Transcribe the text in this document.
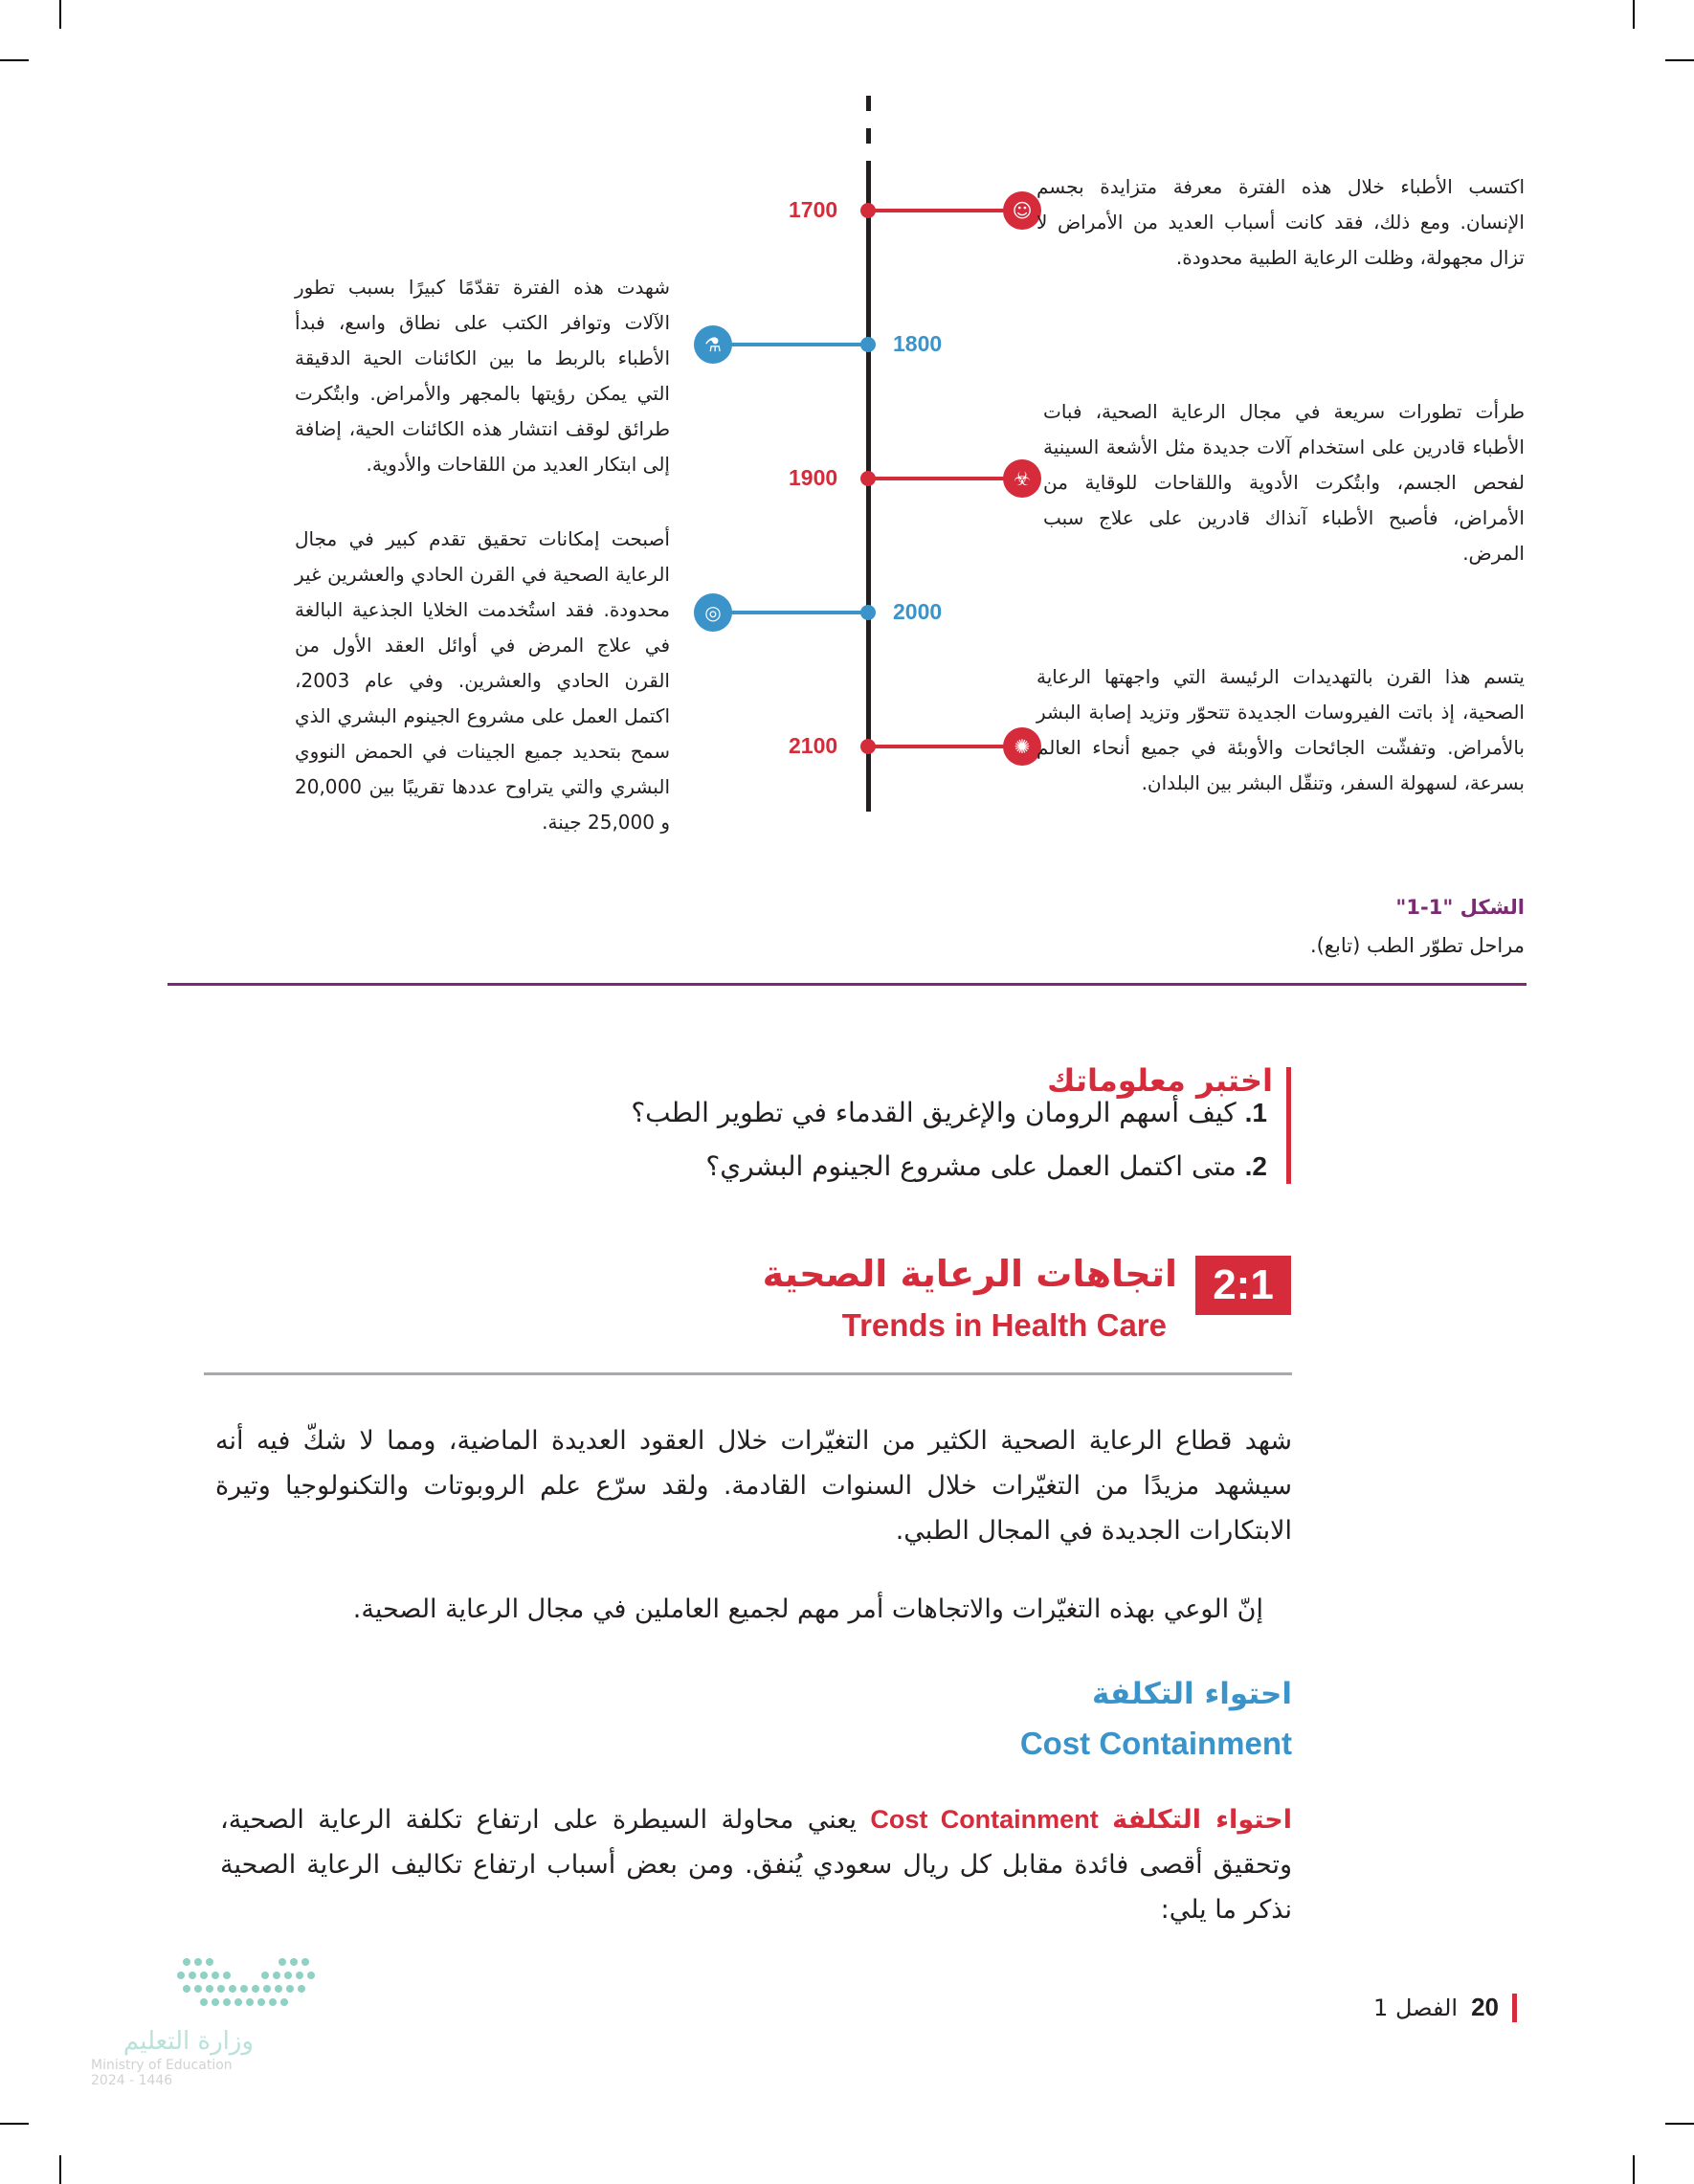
☺
1700
اكتسب الأطباء خلال هذه الفترة معرفة متزايدة بجسم الإنسان. ومع ذلك، فقد كانت أسباب العديد من الأمراض لا تزال مجهولة، وظلت الرعاية الطبية محدودة.
⚗	1800
شهدت هذه الفترة تقدّمًا كبيرًا بسبب تطور الآلات وتوافر الكتب على نطاق واسع، فبدأ الأطباء بالربط ما بين الكائنات الحية الدقيقة التي يمكن رؤيتها بالمجهر والأمراض. وابتُكرت طرائق لوقف انتشار هذه الكائنات الحية، إضافة إلى ابتكار العديد من اللقاحات والأدوية.
☣
1900
طرأت تطورات سريعة في مجال الرعاية الصحية، فبات الأطباء قادرين على استخدام آلات جديدة مثل الأشعة السينية لفحص الجسم، وابتُكرت الأدوية واللقاحات للوقاية من الأمراض، فأصبح الأطباء آنذاك قادرين على علاج سبب المرض.
◎	2000
أصبحت إمكانات تحقيق تقدم كبير في مجال الرعاية الصحية في القرن الحادي والعشرين غير محدودة. فقد استُخدمت الخلايا الجذعية البالغة في علاج المرض في أوائل العقد الأول من القرن الحادي والعشرين. وفي عام 2003، اكتمل العمل على مشروع الجينوم البشري الذي سمح بتحديد جميع الجينات في الحمض النووي البشري والتي يتراوح عددها تقريبًا بين 20,000 و 25,000 جينة.
✺
2100
يتسم هذا القرن بالتهديدات الرئيسة التي واجهتها الرعاية الصحية، إذ باتت الفيروسات الجديدة تتحوّر وتزيد إصابة البشر بالأمراض. وتفشّت الجائحات والأوبئة في جميع أنحاء العالم بسرعة، لسهولة السفر، وتنقّل البشر بين البلدان.
الشكل "1-1"
مراحل تطوّر الطب (تابع).
اختبر معلوماتك
1. كيف أسهم الرومان والإغريق القدماء في تطوير الطب؟
2. متى اكتمل العمل على مشروع الجينوم البشري؟
2:1
اتجاهات الرعاية الصحية
Trends in Health Care
شهد قطاع الرعاية الصحية الكثير من التغيّرات خلال العقود العديدة الماضية، ومما لا شكّ فيه أنه سيشهد مزيدًا من التغيّرات خلال السنوات القادمة. ولقد سرّع علم الروبوتات والتكنولوجيا وتيرة الابتكارات الجديدة في المجال الطبي.
إنّ الوعي بهذه التغيّرات والاتجاهات أمر مهم لجميع العاملين في مجال الرعاية الصحية.
احتواء التكلفة
Cost Containment
احتواء التكلفة Cost Containment يعني محاولة السيطرة على ارتفاع تكلفة الرعاية الصحية، وتحقيق أقصى فائدة مقابل كل ريال سعودي يُنفق. ومن بعض أسباب ارتفاع تكاليف الرعاية الصحية نذكر ما يلي:
20
الفصل 1
وزارة التعليم
Ministry of Education
2024 - 1446
